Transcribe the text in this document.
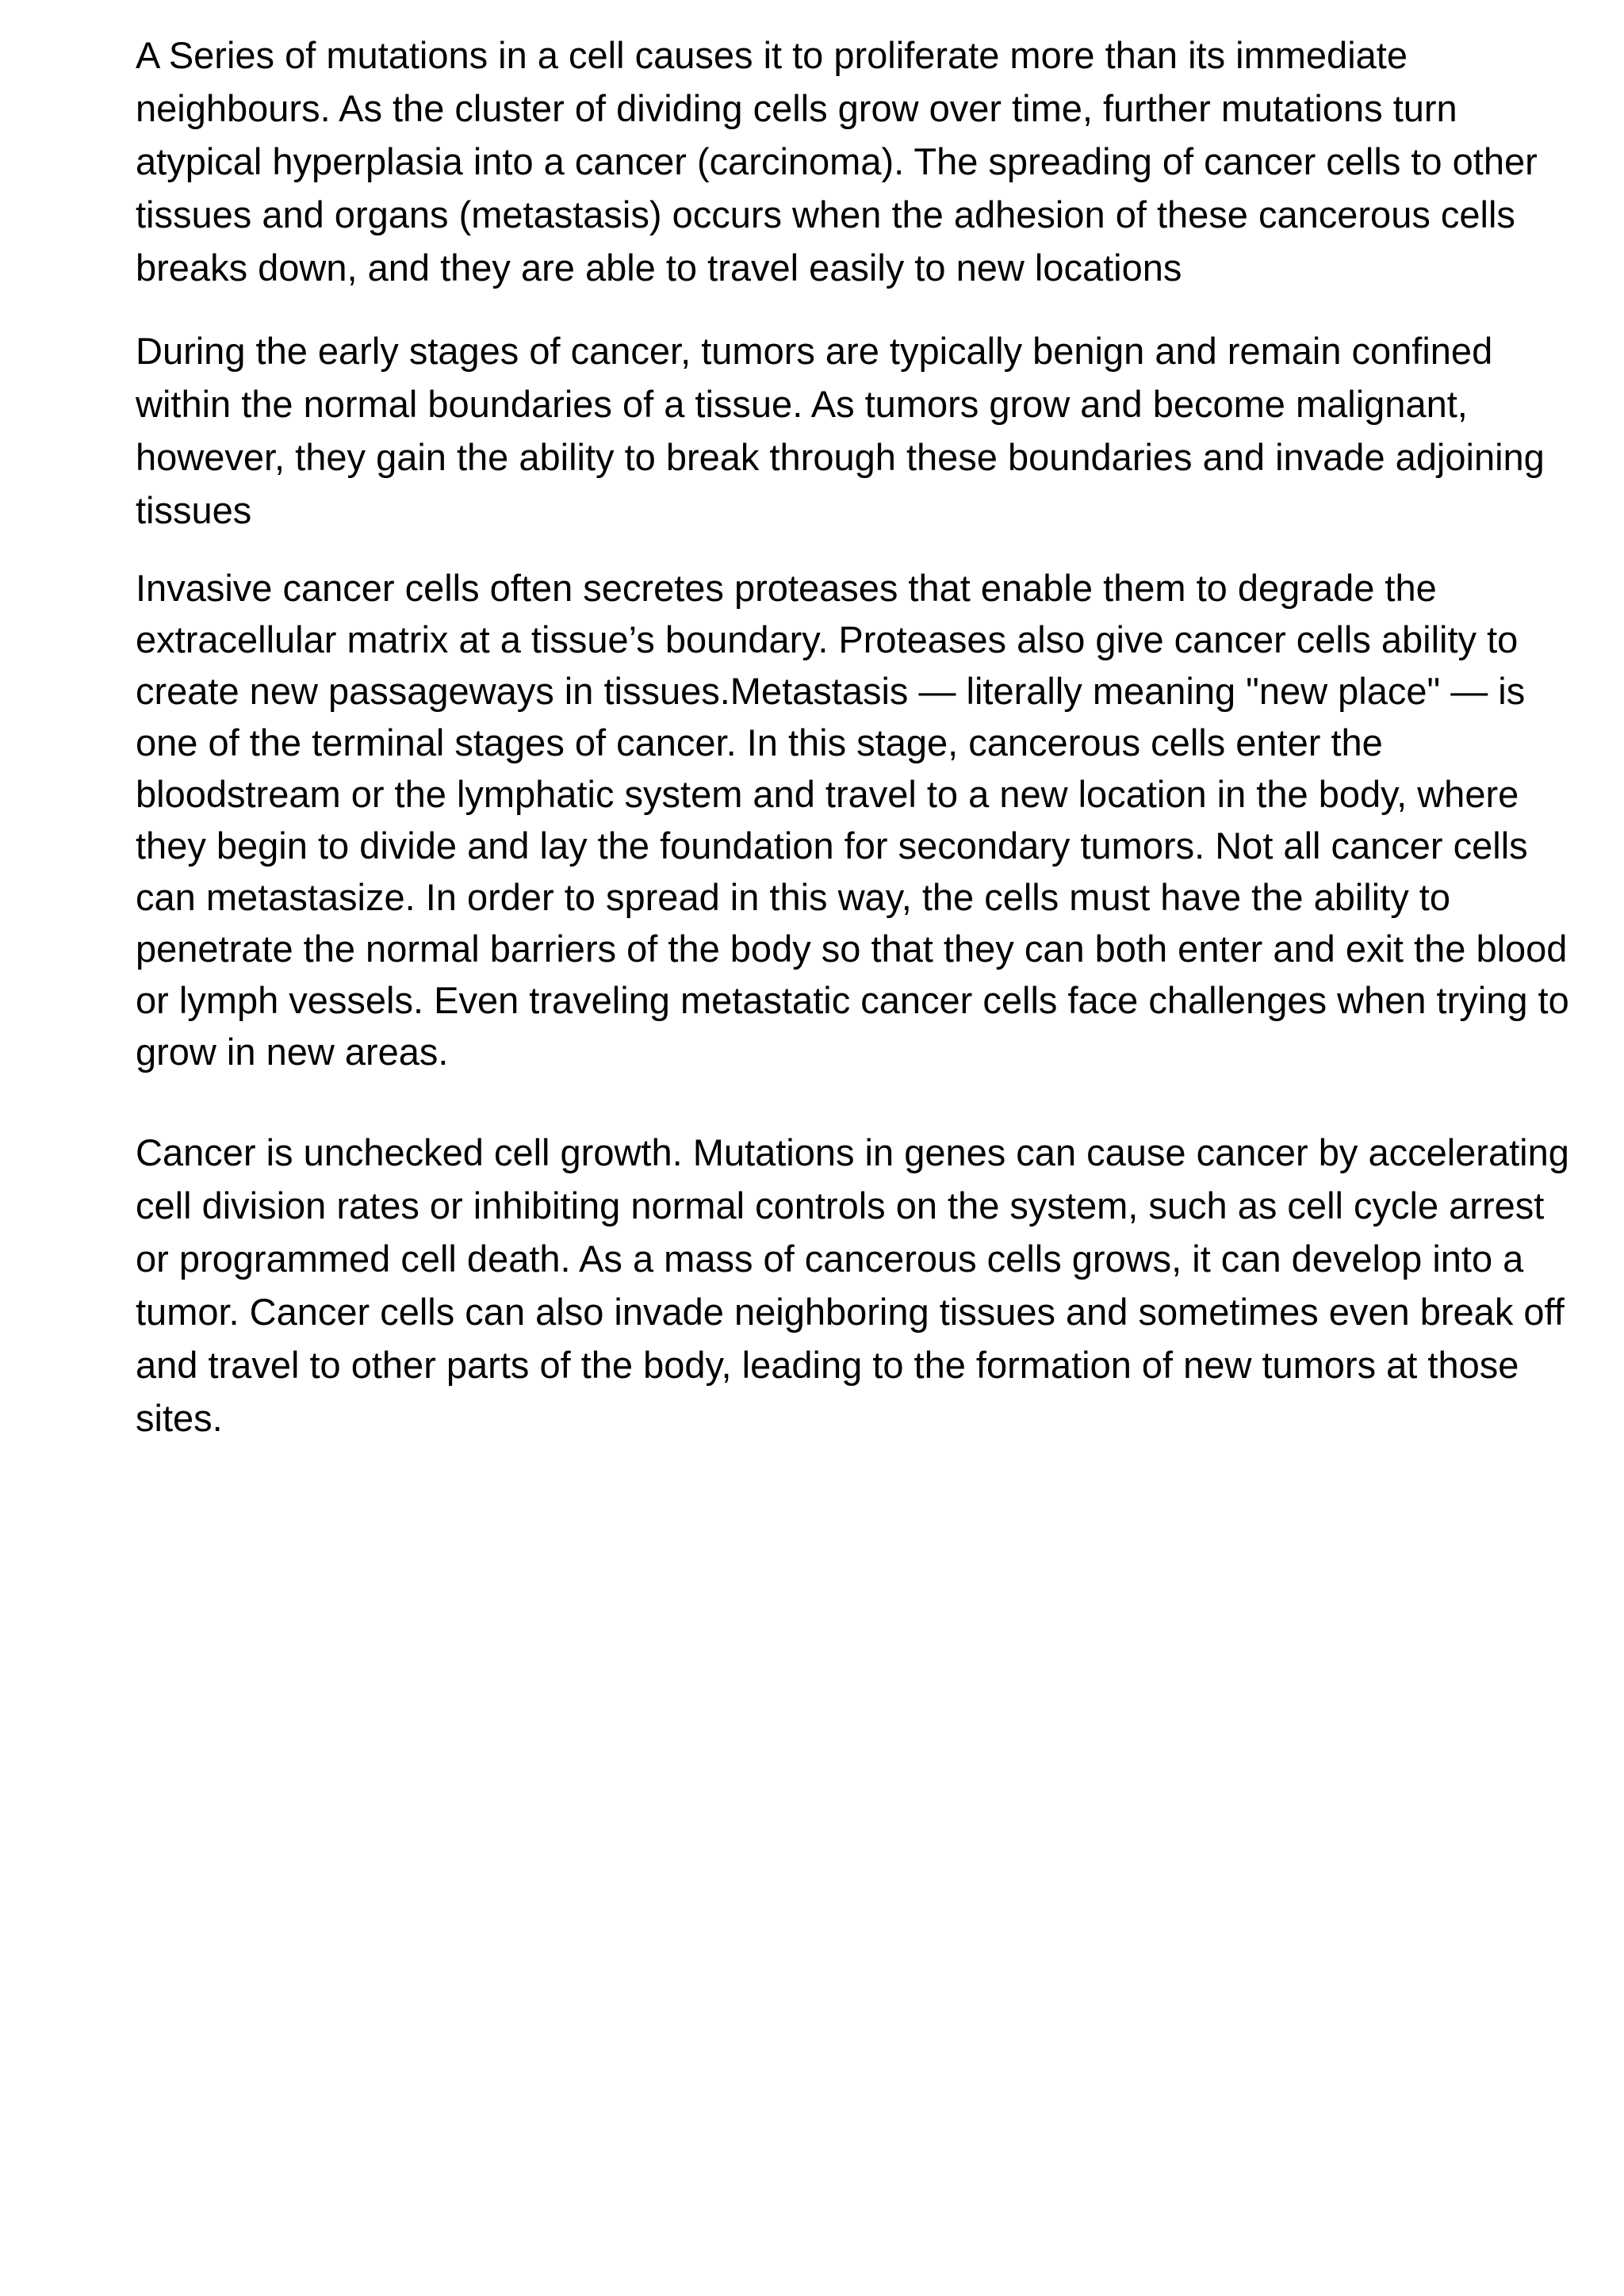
A Series of mutations in a cell causes it to proliferate more than its immediate neighbours. As the cluster of dividing cells grow over time, further mutations turn atypical hyperplasia into a cancer (carcinoma). The spreading of cancer cells to other tissues and organs (metastasis) occurs when the adhesion of these cancerous cells breaks down, and they are able to travel easily to new locations

During the early stages of cancer, tumors are typically benign and remain confined within the normal boundaries of a tissue. As tumors grow and become malignant, however, they gain the ability to break through these boundaries and invade adjoining tissues

Invasive cancer cells often secretes proteases that enable them to degrade the extracellular matrix at a tissue’s boundary. Proteases also give cancer cells ability to create new passageways in tissues.Metastasis — literally meaning "new place" — is one of the terminal stages of cancer. In this stage, cancerous cells enter the bloodstream or the lymphatic system and travel to a new location in the body, where they begin to divide and lay the foundation for secondary tumors. Not all cancer cells can metastasize. In order to spread in this way, the cells must have the ability to penetrate the normal barriers of the body so that they can both enter and exit the blood or lymph vessels. Even traveling metastatic cancer cells face challenges when trying to grow in new areas.

Cancer is unchecked cell growth. Mutations in genes can cause cancer by accelerating cell division rates or inhibiting normal controls on the system, such as cell cycle arrest or programmed cell death. As a mass of cancerous cells grows, it can develop into a tumor. Cancer cells can also invade neighboring tissues and sometimes even break off and travel to other parts of the body, leading to the formation of new tumors at those sites.
